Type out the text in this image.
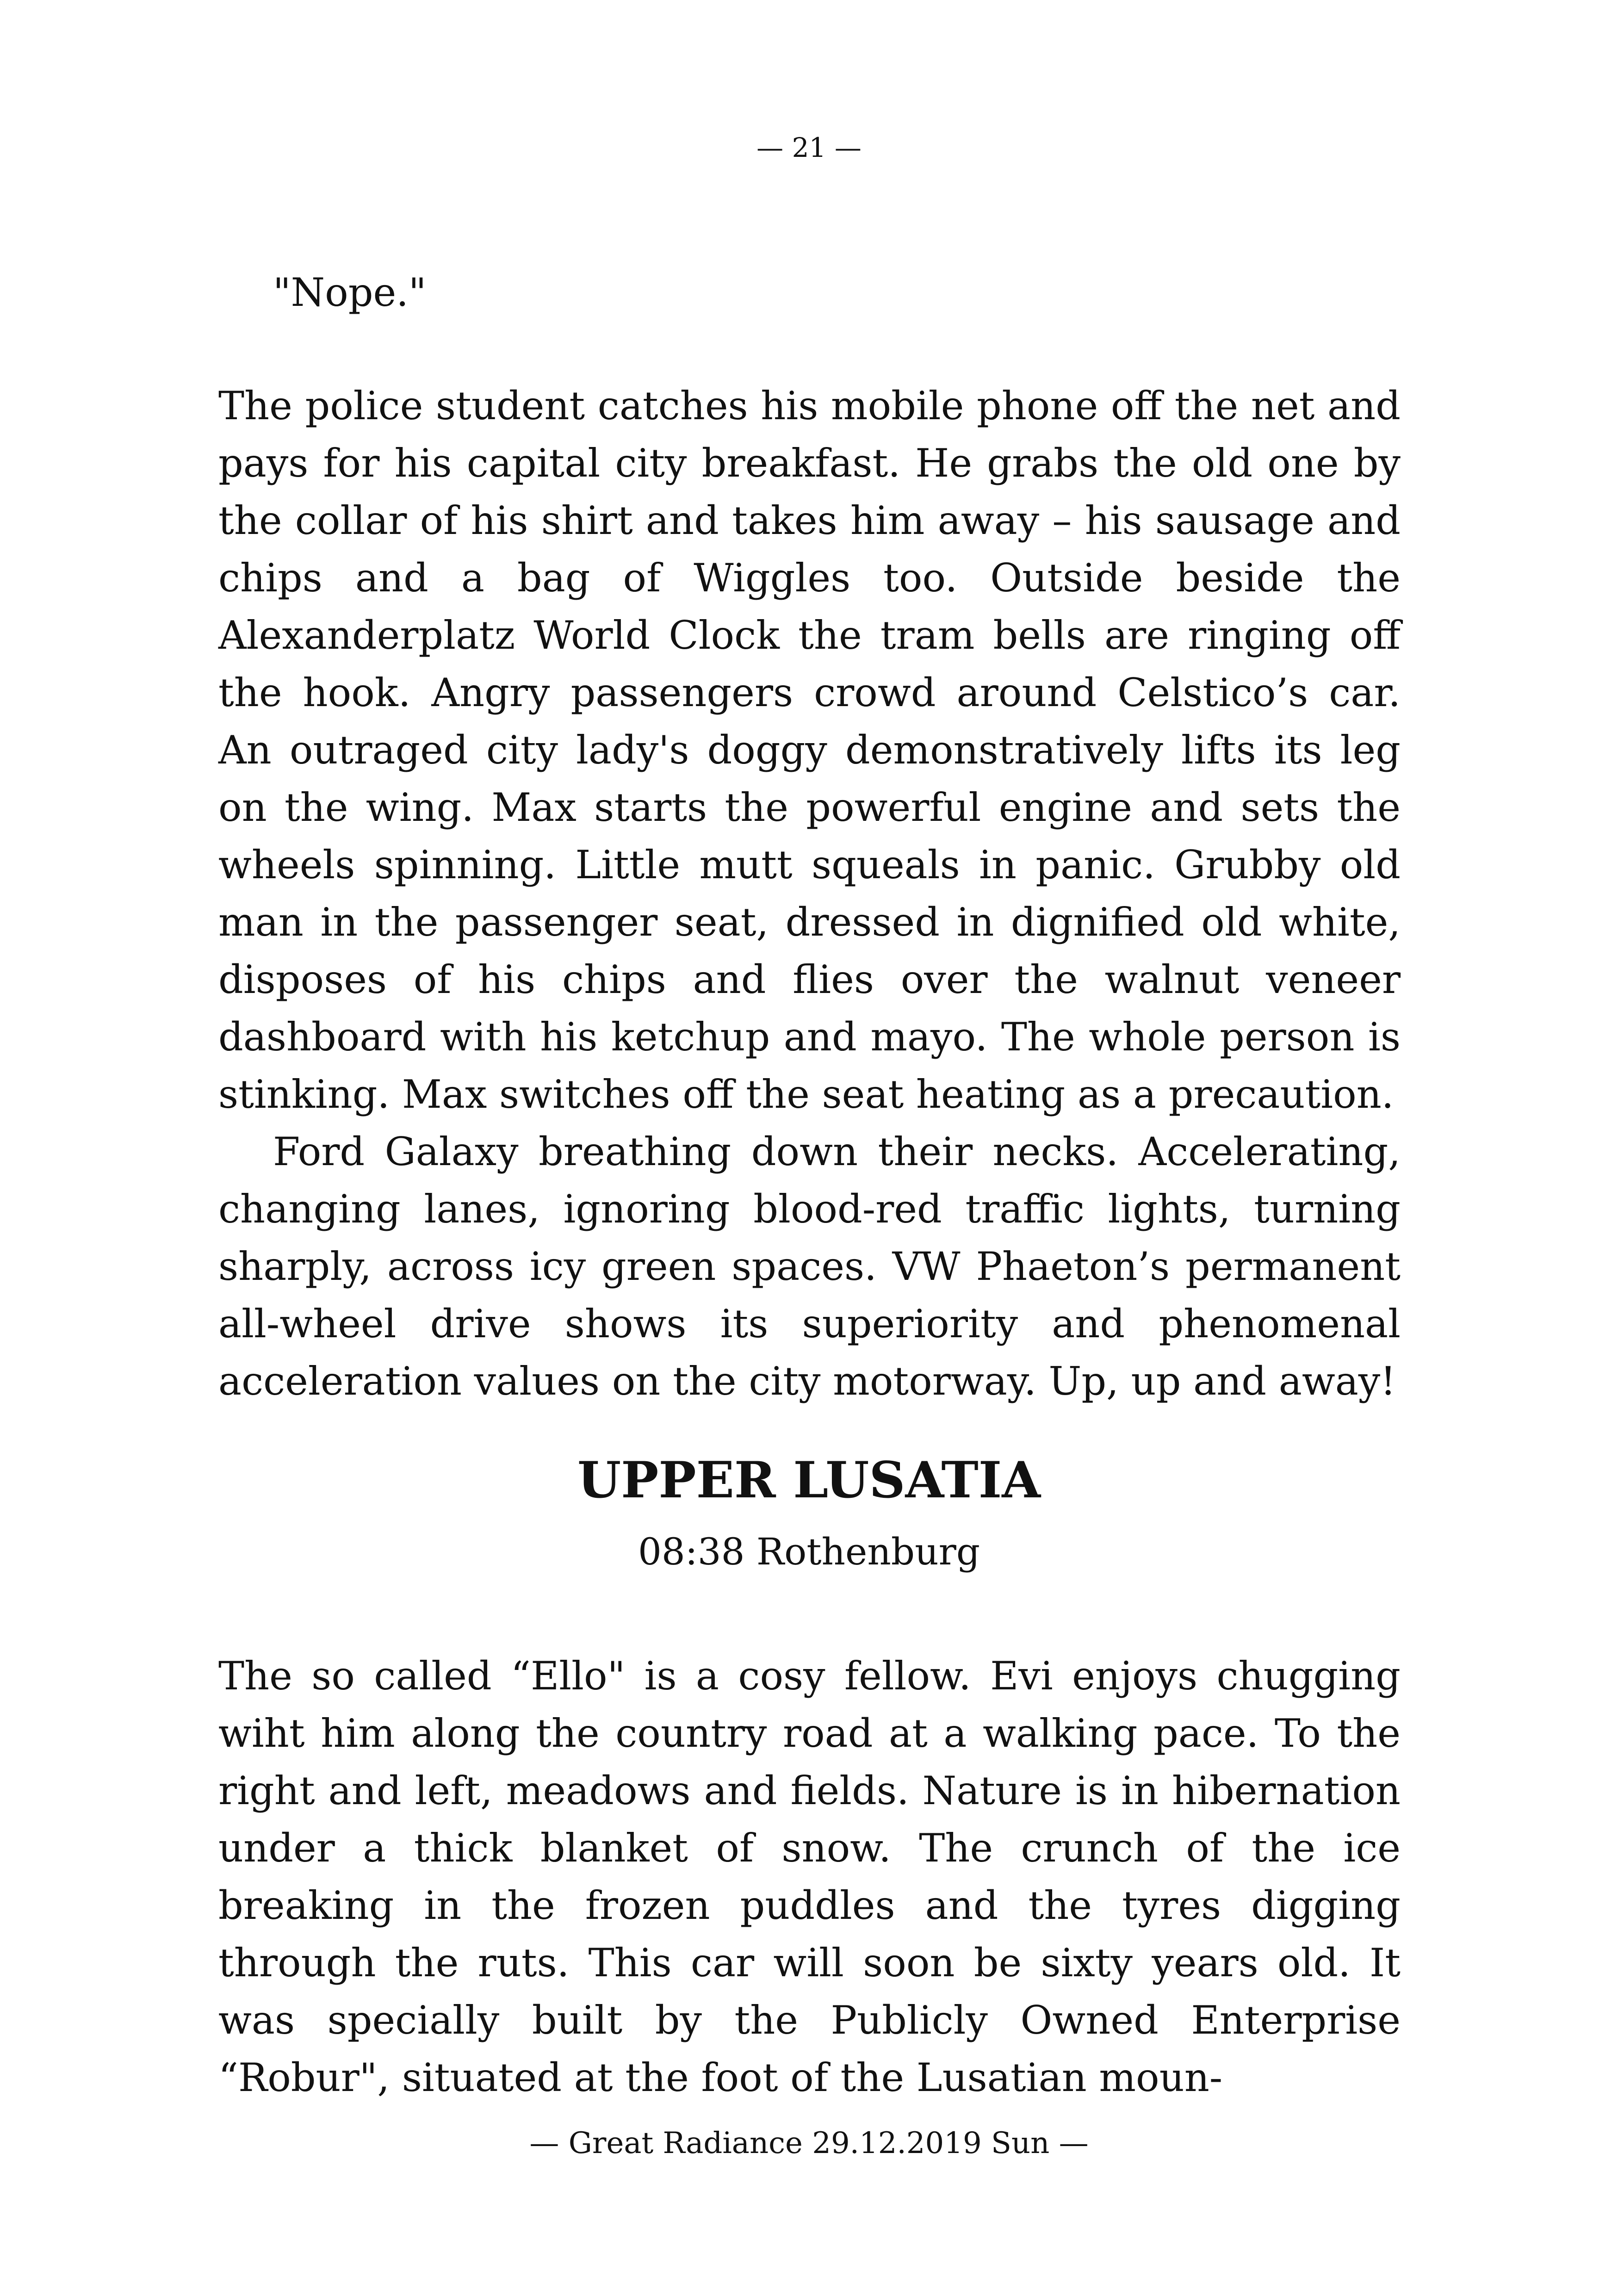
— 21 —

"Nope."

The police student catches his mobile phone off the net and pays for his capital city breakfast. He grabs the old one by the collar of his shirt and takes him away – his sausage and chips and a bag of Wiggles too. Outside beside the Alexanderplatz World Clock the tram bells are ringing off the hook. Angry passengers crowd around Celstico’s car. An outraged city lady's doggy demonstratively lifts its leg on the wing. Max starts the powerful engine and sets the wheels spinning. Little mutt squeals in panic. Grubby old man in the passenger seat, dressed in dignified old white, disposes of his chips and flies over the walnut veneer dashboard with his ketchup and mayo. The whole person is stinking. Max switches off the seat heating as a precaution.

Ford Galaxy breathing down their necks. Accelerating, changing lanes, ignoring blood-red traffic lights, turning sharply, across icy green spaces. VW Phaeton’s permanent all-wheel drive shows its superiority and phenomenal acceleration values on the city motorway. Up, up and away!

UPPER LUSATIA
08:38 Rothenburg

The so called “Ello" is a cosy fellow. Evi enjoys chugging wiht him along the country road at a walking pace. To the right and left, meadows and fields. Nature is in hibernation under a thick blanket of snow. The crunch of the ice breaking in the frozen puddles and the tyres digging through the ruts. This car will soon be sixty years old. It was specially built by the Publicly Owned Enterprise “Robur", situated at the foot of the Lusatian moun-

— Great Radiance 29.12.2019 Sun —
